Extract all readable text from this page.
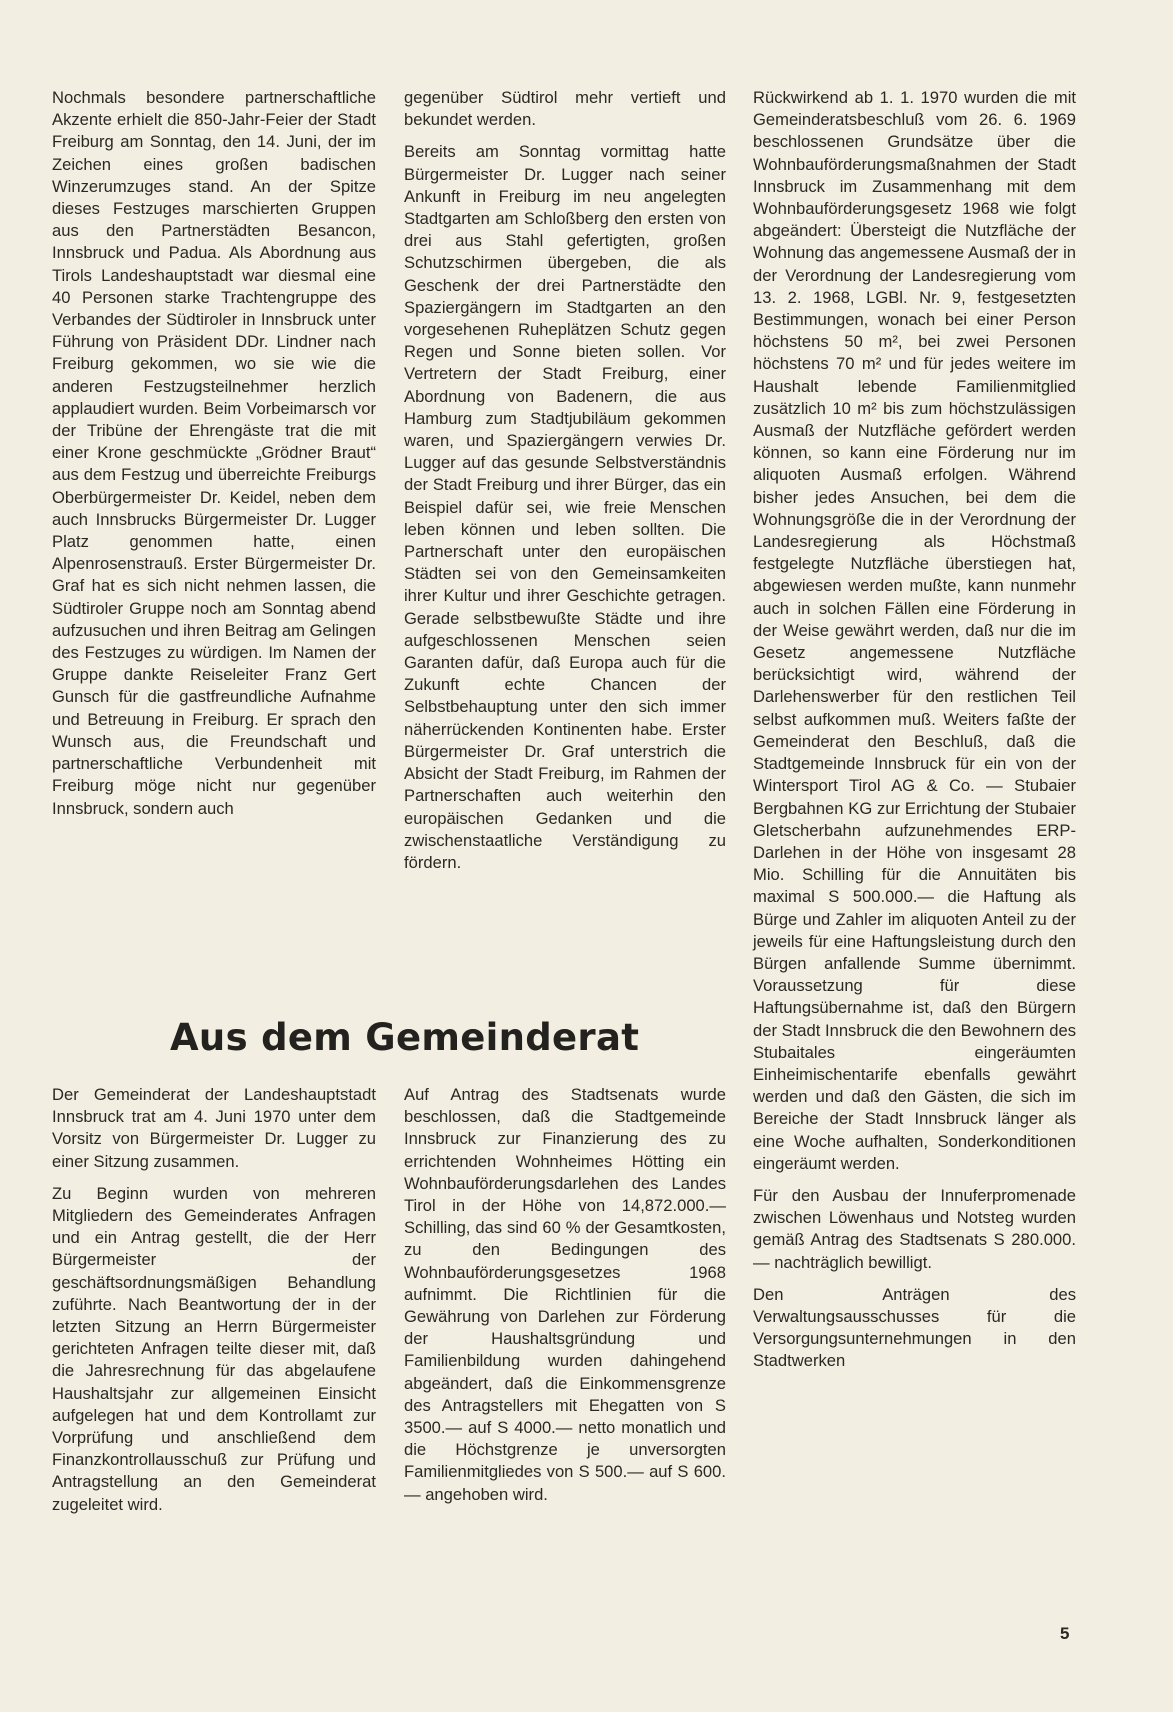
Nochmals besondere partnerschaftliche Akzente erhielt die 850-Jahr-Feier der Stadt Freiburg am Sonntag, den 14. Juni, der im Zeichen eines großen badischen Winzerumzuges stand. An der Spitze dieses Festzuges marschierten Gruppen aus den Partnerstädten Besancon, Innsbruck und Padua. Als Abordnung aus Tirols Landeshauptstadt war diesmal eine 40 Personen starke Trachtengruppe des Verbandes der Südtiroler in Innsbruck unter Führung von Präsident DDr. Lindner nach Freiburg gekommen, wo sie wie die anderen Festzugsteilnehmer herzlich applaudiert wurden. Beim Vorbeimarsch vor der Tribüne der Ehrengäste trat die mit einer Krone geschmückte „Grödner Braut“ aus dem Festzug und überreichte Freiburgs Oberbürgermeister Dr. Keidel, neben dem auch Innsbrucks Bürgermeister Dr. Lugger Platz genommen hatte, einen Alpenrosenstrauß. Erster Bürgermeister Dr. Graf hat es sich nicht nehmen lassen, die Südtiroler Gruppe noch am Sonntag abend aufzusuchen und ihren Beitrag am Gelingen des Festzuges zu würdigen. Im Namen der Gruppe dankte Reiseleiter Franz Gert Gunsch für die gastfreundliche Aufnahme und Betreuung in Freiburg. Er sprach den Wunsch aus, die Freundschaft und partnerschaftliche Verbundenheit mit Freiburg möge nicht nur gegenüber Innsbruck, sondern auch

gegenüber Südtirol mehr vertieft und bekundet werden.

Bereits am Sonntag vormittag hatte Bürgermeister Dr. Lugger nach seiner Ankunft in Freiburg im neu angelegten Stadtgarten am Schloßberg den ersten von drei aus Stahl gefertigten, großen Schutzschirmen übergeben, die als Geschenk der drei Partnerstädte den Spaziergängern im Stadtgarten an den vorgesehenen Ruheplätzen Schutz gegen Regen und Sonne bieten sollen. Vor Vertretern der Stadt Freiburg, einer Abordnung von Badenern, die aus Hamburg zum Stadtjubiläum gekommen waren, und Spaziergängern verwies Dr. Lugger auf das gesunde Selbstverständnis der Stadt Freiburg und ihrer Bürger, das ein Beispiel dafür sei, wie freie Menschen leben können und leben sollten. Die Partnerschaft unter den europäischen Städten sei von den Gemeinsamkeiten ihrer Kultur und ihrer Geschichte getragen. Gerade selbstbewußte Städte und ihre aufgeschlossenen Menschen seien Garanten dafür, daß Europa auch für die Zukunft echte Chancen der Selbstbehauptung unter den sich immer näherrückenden Kontinenten habe. Erster Bürgermeister Dr. Graf unterstrich die Absicht der Stadt Freiburg, im Rahmen der Partnerschaften auch weiterhin den europäischen Gedanken und die zwischenstaatliche Verständigung zu fördern.

Rückwirkend ab 1. 1. 1970 wurden die mit Gemeinderatsbeschluß vom 26. 6. 1969 beschlossenen Grundsätze über die Wohnbauförderungsmaßnahmen der Stadt Innsbruck im Zusammenhang mit dem Wohnbauförderungsgesetz 1968 wie folgt abgeändert: Übersteigt die Nutzfläche der Wohnung das angemessene Ausmaß der in der Verordnung der Landesregierung vom 13. 2. 1968, LGBl. Nr. 9, festgesetzten Bestimmungen, wonach bei einer Person höchstens 50 m², bei zwei Personen höchstens 70 m² und für jedes weitere im Haushalt lebende Familienmitglied zusätzlich 10 m² bis zum höchstzulässigen Ausmaß der Nutzfläche gefördert werden können, so kann eine Förderung nur im aliquoten Ausmaß erfolgen. Während bisher jedes Ansuchen, bei dem die Wohnungsgröße die in der Verordnung der Landesregierung als Höchstmaß festgelegte Nutzfläche überstiegen hat, abgewiesen werden mußte, kann nunmehr auch in solchen Fällen eine Förderung in der Weise gewährt werden, daß nur die im Gesetz angemessene Nutzfläche berücksichtigt wird, während der Darlehenswerber für den restlichen Teil selbst aufkommen muß. Weiters faßte der Gemeinderat den Beschluß, daß die Stadtgemeinde Innsbruck für ein von der Wintersport Tirol AG & Co. — Stubaier Bergbahnen KG zur Errichtung der Stubaier Gletscherbahn aufzunehmendes ERP-Darlehen in der Höhe von insgesamt 28 Mio. Schilling für die Annuitäten bis maximal S 500.000.— die Haftung als Bürge und Zahler im aliquoten Anteil zu der jeweils für eine Haftungsleistung durch den Bürgen anfallende Summe übernimmt. Voraussetzung für diese Haftungsübernahme ist, daß den Bürgern der Stadt Innsbruck die den Bewohnern des Stubaitales eingeräumten Einheimischentarife ebenfalls gewährt werden und daß den Gästen, die sich im Bereiche der Stadt Innsbruck länger als eine Woche aufhalten, Sonderkonditionen eingeräumt werden.

Für den Ausbau der Innuferpromenade zwischen Löwenhaus und Notsteg wurden gemäß Antrag des Stadtsenats S 280.000.— nachträglich bewilligt.

Den Anträgen des Verwaltungsausschusses für die Versorgungsunternehmungen in den Stadtwerken

Aus dem Gemeinderat

Der Gemeinderat der Landeshauptstadt Innsbruck trat am 4. Juni 1970 unter dem Vorsitz von Bürgermeister Dr. Lugger zu einer Sitzung zusammen.

Zu Beginn wurden von mehreren Mitgliedern des Gemeinderates Anfragen und ein Antrag gestellt, die der Herr Bürgermeister der geschäftsordnungsmäßigen Behandlung zuführte. Nach Beantwortung der in der letzten Sitzung an Herrn Bürgermeister gerichteten Anfragen teilte dieser mit, daß die Jahresrechnung für das abgelaufene Haushaltsjahr zur allgemeinen Einsicht aufgelegen hat und dem Kontrollamt zur Vorprüfung und anschließend dem Finanzkontrollausschuß zur Prüfung und Antragstellung an den Gemeinderat zugeleitet wird.

Auf Antrag des Stadtsenats wurde beschlossen, daß die Stadtgemeinde Innsbruck zur Finanzierung des zu errichtenden Wohnheimes Hötting ein Wohnbauförderungsdarlehen des Landes Tirol in der Höhe von 14,872.000.— Schilling, das sind 60 % der Gesamtkosten, zu den Bedingungen des Wohnbauförderungsgesetzes 1968 aufnimmt. Die Richtlinien für die Gewährung von Darlehen zur Förderung der Haushaltsgründung und Familienbildung wurden dahingehend abgeändert, daß die Einkommensgrenze des Antragstellers mit Ehegatten von S 3500.— auf S 4000.— netto monatlich und die Höchstgrenze je unversorgten Familienmitgliedes von S 500.— auf S 600.— angehoben wird.

5
